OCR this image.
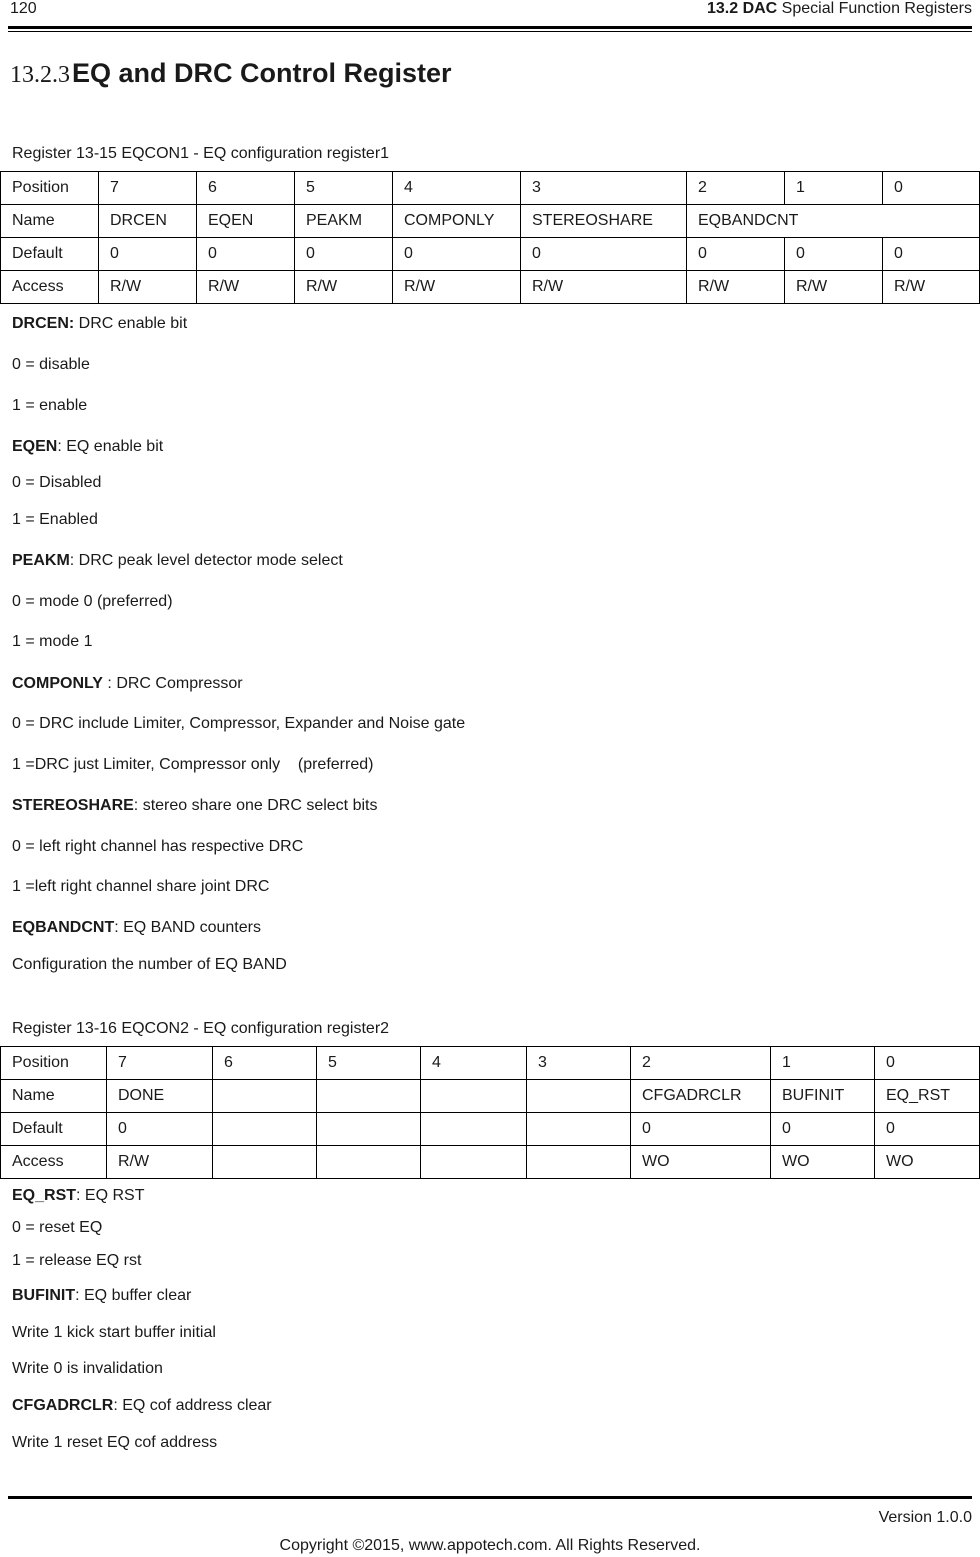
120	13.2 DAC Special Function Registers
13.2.3 EQ and DRC Control Register
Register 13-15 EQCON1 - EQ configuration register1
Position	7	6	5	4	3	2	1	0
Name	DRCEN	EQEN	PEAKM	COMPONLY	STEREOSHARE	EQBANDCNT		
Default	0	0	0	0	0	0	0	0
Access	R/W	R/W	R/W	R/W	R/W	R/W	R/W	R/W
DRCEN: DRC enable bit
0 = disable
1 = enable
EQEN: EQ enable bit
0 = Disabled
1 = Enabled
PEAKM: DRC peak level detector mode select
0 = mode 0 (preferred)
1 = mode 1
COMPONLY : DRC Compressor
0 = DRC include Limiter, Compressor, Expander and Noise gate
1 =DRC just Limiter, Compressor only    (preferred)
STEREOSHARE: stereo share one DRC select bits
0 = left right channel has respective DRC
1 =left right channel share joint DRC
EQBANDCNT: EQ BAND counters
Configuration the number of EQ BAND
Register 13-16 EQCON2 - EQ configuration register2
Position	7	6	5	4	3	2	1	0
Name	DONE					CFGADRCLR	BUFINIT	EQ_RST
Default	0					0	0	0
Access	R/W					WO	WO	WO
EQ_RST: EQ RST
0 = reset EQ
1 = release EQ rst
BUFINIT: EQ buffer clear
Write 1 kick start buffer initial
Write 0 is invalidation
CFGADRCLR: EQ cof address clear
Write 1 reset EQ cof address
Version 1.0.0
Copyright ©2015, www.appotech.com. All Rights Reserved.
